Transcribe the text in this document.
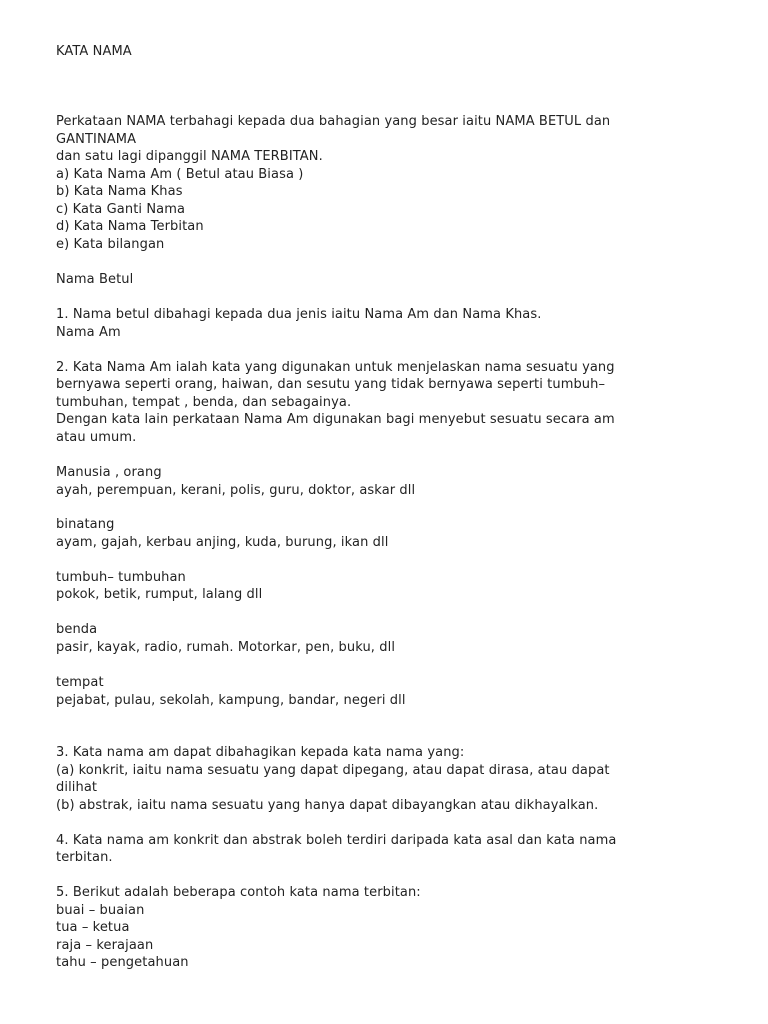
KATA NAMA
Perkataan NAMA terbahagi kepada dua bahagian yang besar iaitu NAMA BETUL dan
GANTINAMA
dan satu lagi dipanggil NAMA TERBITAN.
a) Kata Nama Am ( Betul atau Biasa )
b) Kata Nama Khas
c) Kata Ganti Nama
d) Kata Nama Terbitan
e) Kata bilangan
Nama Betul
1. Nama betul dibahagi kepada dua jenis iaitu Nama Am dan Nama Khas.
Nama Am
2. Kata Nama Am ialah kata yang digunakan untuk menjelaskan nama sesuatu yang
bernyawa seperti orang, haiwan, dan sesutu yang tidak bernyawa seperti tumbuh–
tumbuhan, tempat , benda, dan sebagainya.
Dengan kata lain perkataan Nama Am digunakan bagi menyebut sesuatu secara am
atau umum.
Manusia , orang
ayah, perempuan, kerani, polis, guru, doktor, askar dll
binatang
ayam, gajah, kerbau anjing, kuda, burung, ikan dll
tumbuh– tumbuhan
pokok, betik, rumput, lalang dll
benda
pasir, kayak, radio, rumah. Motorkar, pen, buku, dll
tempat
pejabat, pulau, sekolah, kampung, bandar, negeri dll
3. Kata nama am dapat dibahagikan kepada kata nama yang:
(a) konkrit, iaitu nama sesuatu yang dapat dipegang, atau dapat dirasa, atau dapat
dilihat
(b) abstrak, iaitu nama sesuatu yang hanya dapat dibayangkan atau dikhayalkan.
4. Kata nama am konkrit dan abstrak boleh terdiri daripada kata asal dan kata nama
terbitan.
5. Berikut adalah beberapa contoh kata nama terbitan:
buai – buaian
tua – ketua
raja – kerajaan
tahu – pengetahuan
